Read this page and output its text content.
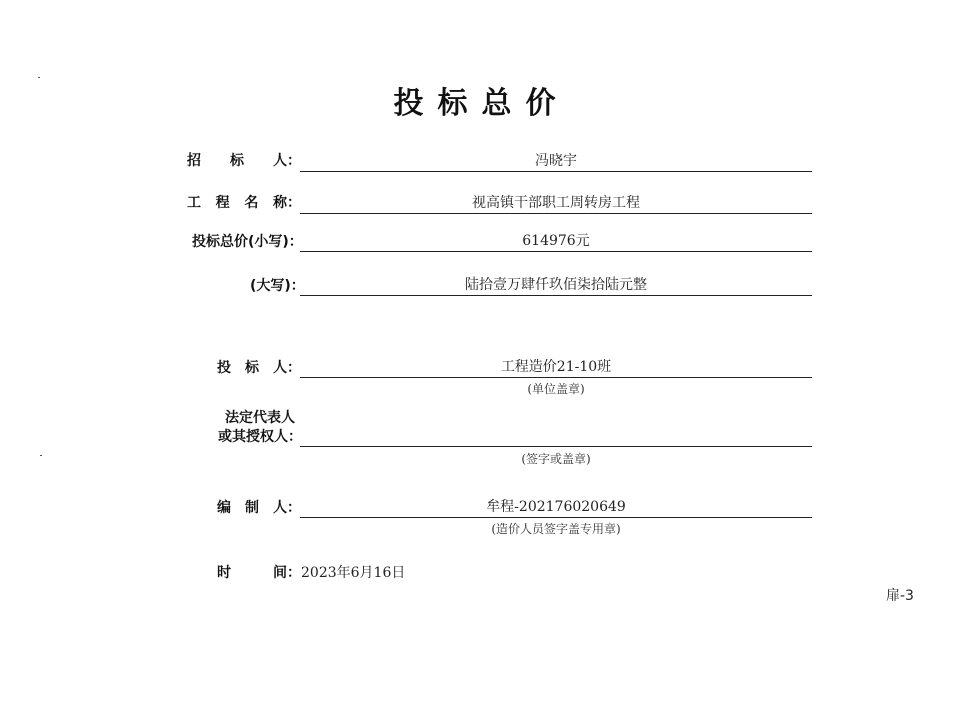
投标总价
招 标 人 ：	冯晓宇
工 程 名 称 ：	视高镇干部职工周转房工程
投标总价(小写)：	614976元
(大写)：	陆拾壹万肆仟玖佰柒拾陆元整
投 标 人 ：	工程造价21-10班
(单位盖章)
法定代表人
或其授权人：
(签字或盖章)
编 制 人 ：	牟程-202176020649
(造价人员签字盖专用章)
时	间 ：2023年6月16日
扉-3
